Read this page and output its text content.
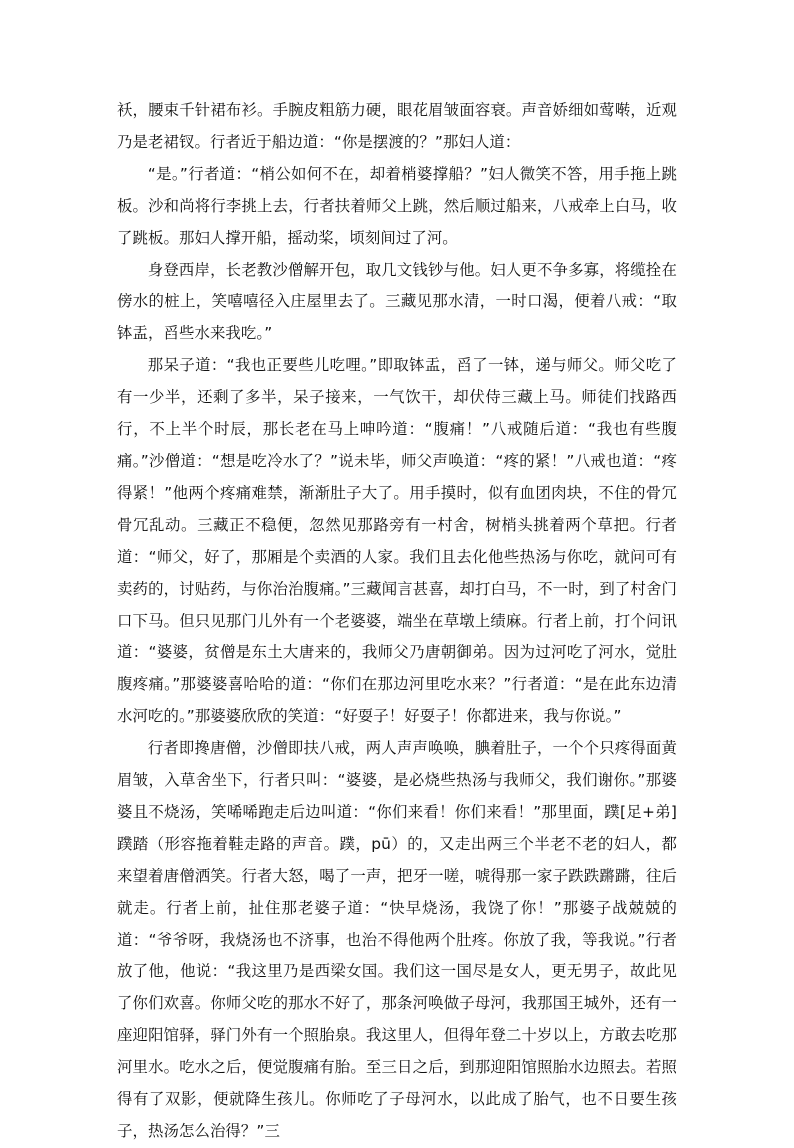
袄，腰束千针裙布衫。手腕皮粗筋力硬，眼花眉皱面容衰。声音娇细如莺啭，近观乃是老裙钗。行者近于船边道：“你是摆渡的？”那妇人道：

“是。”行者道：“梢公如何不在，却着梢婆撑船？”妇人微笑不答，用手拖上跳板。沙和尚将行李挑上去，行者扶着师父上跳，然后顺过船来，八戒牵上白马，收了跳板。那妇人撑开船，摇动桨，顷刻间过了河。

身登西岸，长老教沙僧解开包，取几文钱钞与他。妇人更不争多寡，将缆拴在傍水的桩上，笑嘻嘻径入庄屋里去了。三藏见那水清，一时口渴，便着八戒：“取钵盂，舀些水来我吃。”

那呆子道：“我也正要些儿吃哩。”即取钵盂，舀了一钵，递与师父。师父吃了有一少半，还剩了多半，呆子接来，一气饮干，却伏侍三藏上马。师徒们找路西行，不上半个时辰，那长老在马上呻吟道：“腹痛！”八戒随后道：“我也有些腹痛。”沙僧道：“想是吃冷水了？”说未毕，师父声唤道：“疼的紧！”八戒也道：“疼得紧！”他两个疼痛难禁，渐渐肚子大了。用手摸时，似有血团肉块，不住的骨冗骨冗乱动。三藏正不稳便，忽然见那路旁有一村舍，树梢头挑着两个草把。行者道：“师父，好了，那厢是个卖酒的人家。我们且去化他些热汤与你吃，就问可有卖药的，讨贴药，与你治治腹痛。”三藏闻言甚喜，却打白马，不一时，到了村舍门口下马。但只见那门儿外有一个老婆婆，端坐在草墩上绩麻。行者上前，打个问讯道：“婆婆，贫僧是东土大唐来的，我师父乃唐朝御弟。因为过河吃了河水，觉肚腹疼痛。”那婆婆喜哈哈的道：“你们在那边河里吃水来？”行者道：“是在此东边清水河吃的。”那婆婆欣欣的笑道：“好耍子！好耍子！你都进来，我与你说。”

行者即搀唐僧，沙僧即扶八戒，两人声声唤唤，腆着肚子，一个个只疼得面黄眉皱，入草舍坐下，行者只叫：“婆婆，是必烧些热汤与我师父，我们谢你。”那婆婆且不烧汤，笑唏唏跑走后边叫道：“你们来看！你们来看！”那里面，蹼[足+弟]蹼踏（形容拖着鞋走路的声音。蹼，pū）的，又走出两三个半老不老的妇人，都来望着唐僧洒笑。行者大怒，喝了一声，把牙一嗟，唬得那一家子跌跌蹡蹡，往后就走。行者上前，扯住那老婆子道：“快早烧汤，我饶了你！”那婆子战兢兢的道：“爷爷呀，我烧汤也不济事，也治不得他两个肚疼。你放了我，等我说。”行者放了他，他说：“我这里乃是西梁女国。我们这一国尽是女人，更无男子，故此见了你们欢喜。你师父吃的那水不好了，那条河唤做子母河，我那国王城外，还有一座迎阳馆驿，驿门外有一个照胎泉。我这里人，但得年登二十岁以上，方敢去吃那河里水。吃水之后，便觉腹痛有胎。至三日之后，到那迎阳馆照胎水边照去。若照得有了双影，便就降生孩儿。你师吃了子母河水，以此成了胎气，也不日要生孩子，热汤怎么治得？”三
